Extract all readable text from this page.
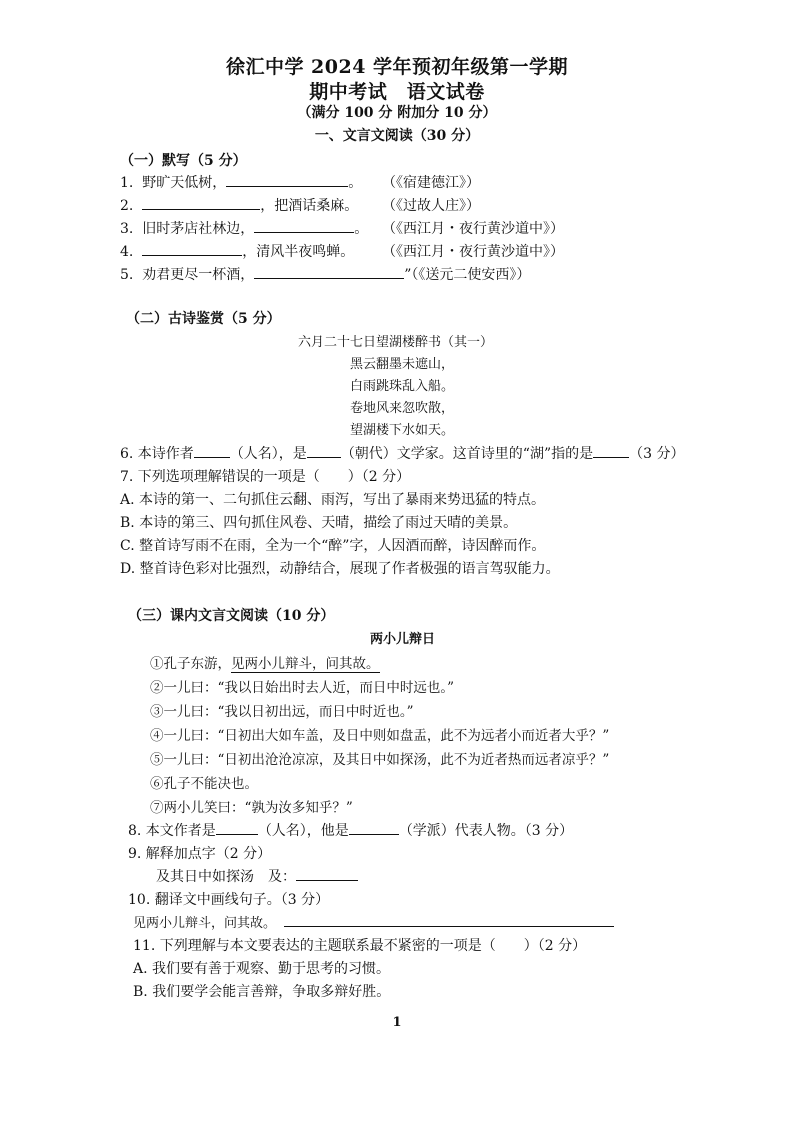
徐汇中学 2024 学年预初年级第一学期
期中考试　语文试卷
（满分 100 分 附加分 10 分）
一、文言文阅读（30 分）
（一）默写（5 分）
1. 野旷天低树，	。 （《宿建德江》）
2.	，把酒话桑麻。 （《过故人庄》）
3. 旧时茅店社林边，	。 （《西江月・夜行黄沙道中》）
4.	，清风半夜鸣蝉。 （《西江月・夜行黄沙道中》）
5. 劝君更尽一杯酒，	”（《送元二使安西》）
（二）古诗鉴赏（5 分）
六月二十七日望湖楼醉书（其一）
黑云翻墨未遮山，
白雨跳珠乱入船。
卷地风来忽吹散，
望湖楼下水如天。
6. 本诗作者	（人名），是 （朝代）文学家。这首诗里的“湖”指的是	（3 分）
7. 下列选项理解错误的一项是（　　）（2 分）
A. 本诗的第一、二句抓住云翻、雨泻，写出了暴雨来势迅猛的特点。
B. 本诗的第三、四句抓住风卷、天晴，描绘了雨过天晴的美景。
C. 整首诗写雨不在雨，全为一个“醉”字，人因酒而醉，诗因醉而作。
D. 整首诗色彩对比强烈，动静结合，展现了作者极强的语言驾驭能力。
（三）课内文言文阅读（10 分）
两小儿辩日
①孔子东游，见两小儿辩斗，问其故。
②一儿曰：“我以日始出时去人近，而日中时远也。”
③一儿曰：“我以日初出远，而日中时近也。”
④一儿曰：“日初出大如车盖，及日中则如盘盂，此不为远者小而近者大乎？”
⑤一儿曰：“日初出沧沧凉凉，及其日中如探汤，此不为近者热而远者凉乎？”
⑥孔子不能决也。
⑦两小儿笑曰：“孰为汝多知乎？”
8. 本文作者是	（人名），他是	（学派）代表人物。（3 分）
9. 解释加点字（2 分）
及其日中如探汤　及：
10. 翻译文中画线句子。（3 分）
见两小儿辩斗，问其故。
11. 下列理解与本文要表达的主题联系最不紧密的一项是（　　）（2 分）
A. 我们要有善于观察、勤于思考的习惯。
B. 我们要学会能言善辩，争取多辩好胜。
1
